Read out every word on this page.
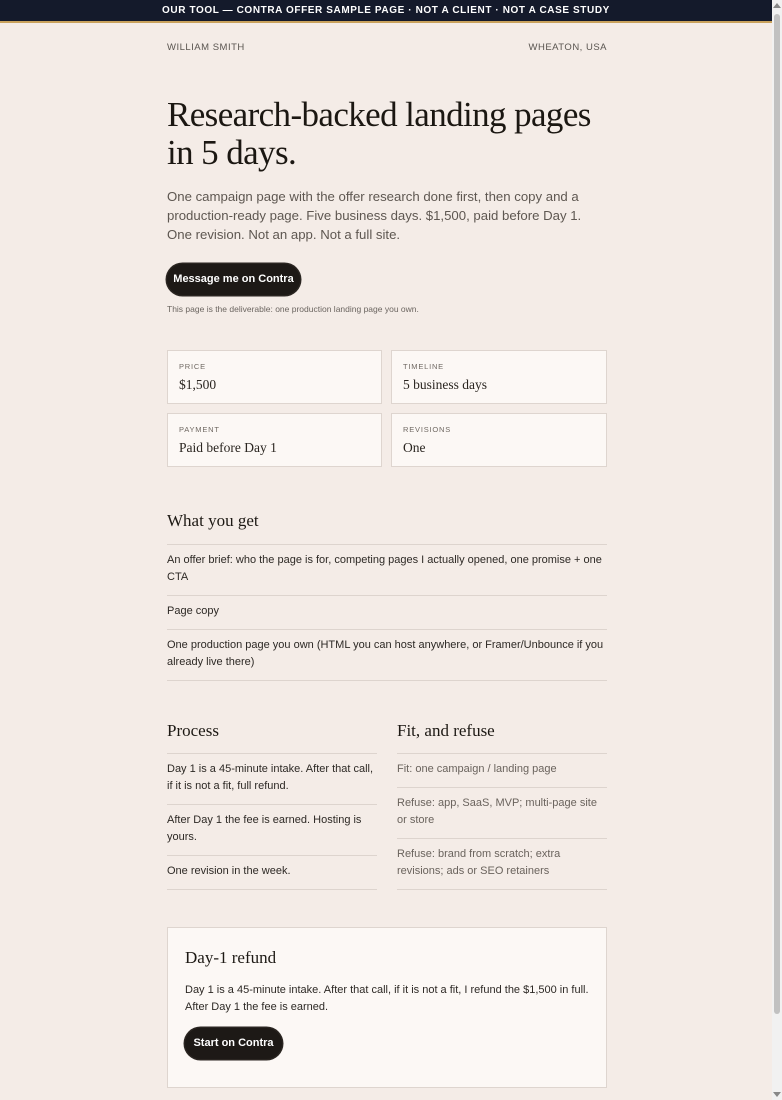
OUR TOOL — CONTRA OFFER SAMPLE PAGE · NOT A CLIENT · NOT A CASE STUDY
WILLIAM SMITH	WHEATON, USA
Research-backed landing pages in 5 days.

One campaign page with the offer research done first, then copy and a production-ready page. Five business days. $1,500, paid before Day 1. One revision. Not an app. Not a full site.

Message me on Contra
This page is the deliverable: one production landing page you own.
PRICE
$1,500
TIMELINE
5 business days
PAYMENT
Paid before Day 1
REVISIONS
One
What you get
An offer brief: who the page is for, competing pages I actually opened, one promise + one CTA
Page copy
One production page you own (HTML you can host anywhere, or Framer/Unbounce if you already live there)
Process
Day 1 is a 45-minute intake. After that call, if it is not a fit, full refund.
After Day 1 the fee is earned. Hosting is yours.
One revision in the week.
Fit, and refuse
Fit: one campaign / landing page
Refuse: app, SaaS, MVP; multi-page site or store
Refuse: brand from scratch; extra revisions; ads or SEO retainers
Day-1 refund

Day 1 is a 45-minute intake. After that call, if it is not a fit, I refund the $1,500 in full. After Day 1 the fee is earned.

Start on Contra
